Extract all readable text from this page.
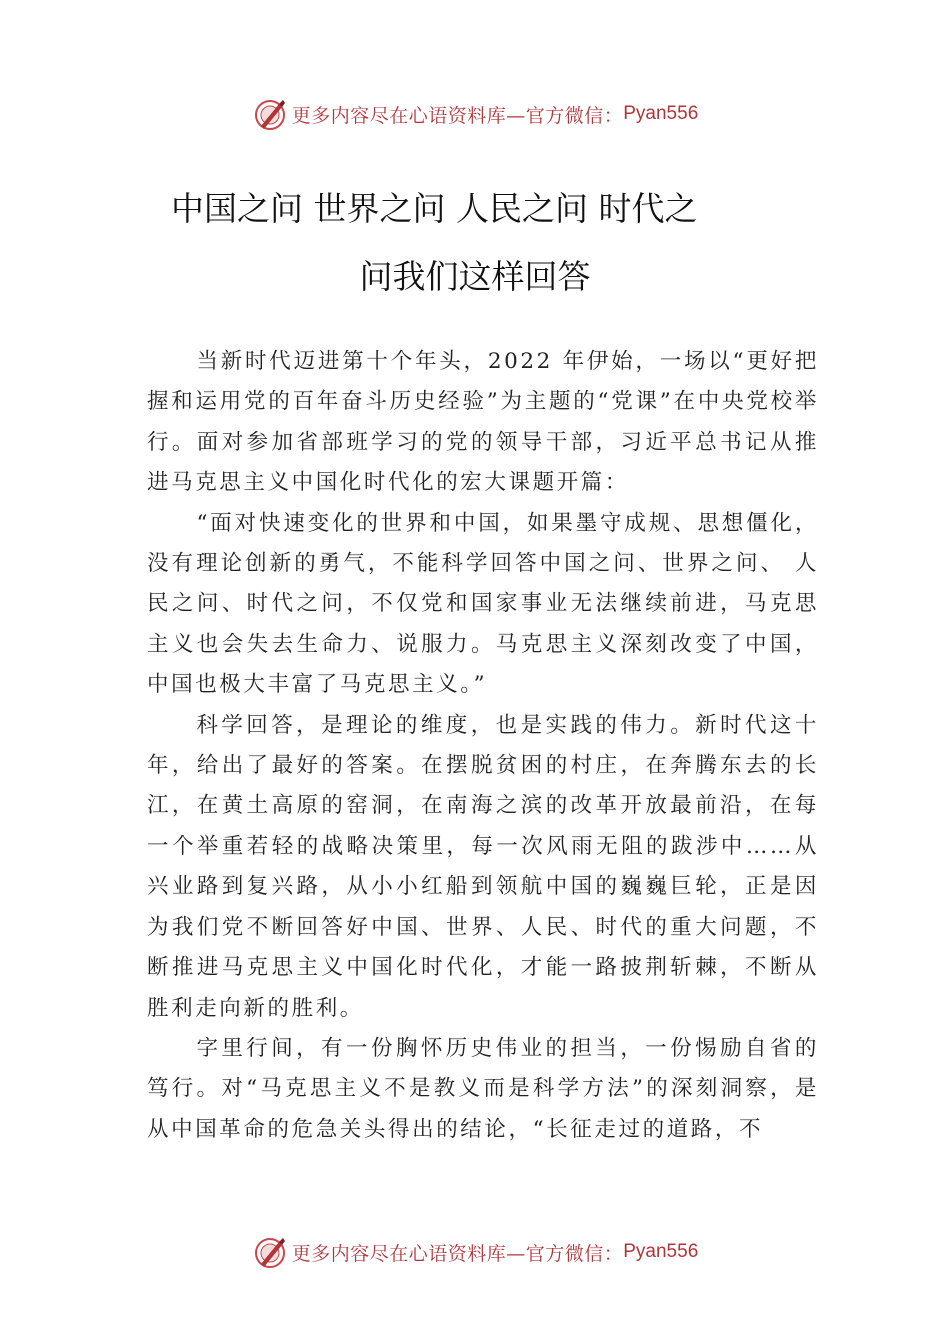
更多内容尽在心语资料库—官方微信： Pyan556
中国之问 世界之问 人民之问 时代之
问我们这样回答

当新时代迈进第十个年头，2022 年伊始，一场以“更好把握和运用党的百年奋斗历史经验”为主题的“党课”在中央党校举行。面对参加省部班学习的党的领导干部，习近平总书记从推进马克思主义中国化时代化的宏大课题开篇：

“面对快速变化的世界和中国，如果墨守成规、思想僵化，没有理论创新的勇气，不能科学回答中国之问、世界之问、 人民之问、时代之问，不仅党和国家事业无法继续前进，马克思主义也会失去生命力、说服力。马克思主义深刻改变了中国，中国也极大丰富了马克思主义。”

科学回答，是理论的维度，也是实践的伟力。新时代这十年，给出了最好的答案。在摆脱贫困的村庄，在奔腾东去的长江，在黄土高原的窑洞，在南海之滨的改革开放最前沿，在每一个举重若轻的战略决策里，每一次风雨无阻的跋涉中……从兴业路到复兴路，从小小红船到领航中国的巍巍巨轮，正是因为我们党不断回答好中国、世界、人民、时代的重大问题，不断推进马克思主义中国化时代化，才能一路披荆斩棘，不断从胜利走向新的胜利。

字里行间，有一份胸怀历史伟业的担当，一份惕励自省的笃行。对“马克思主义不是教义而是科学方法”的深刻洞察，是从中国革命的危急关头得出的结论，“长征走过的道路，不

更多内容尽在心语资料库—官方微信： Pyan556
